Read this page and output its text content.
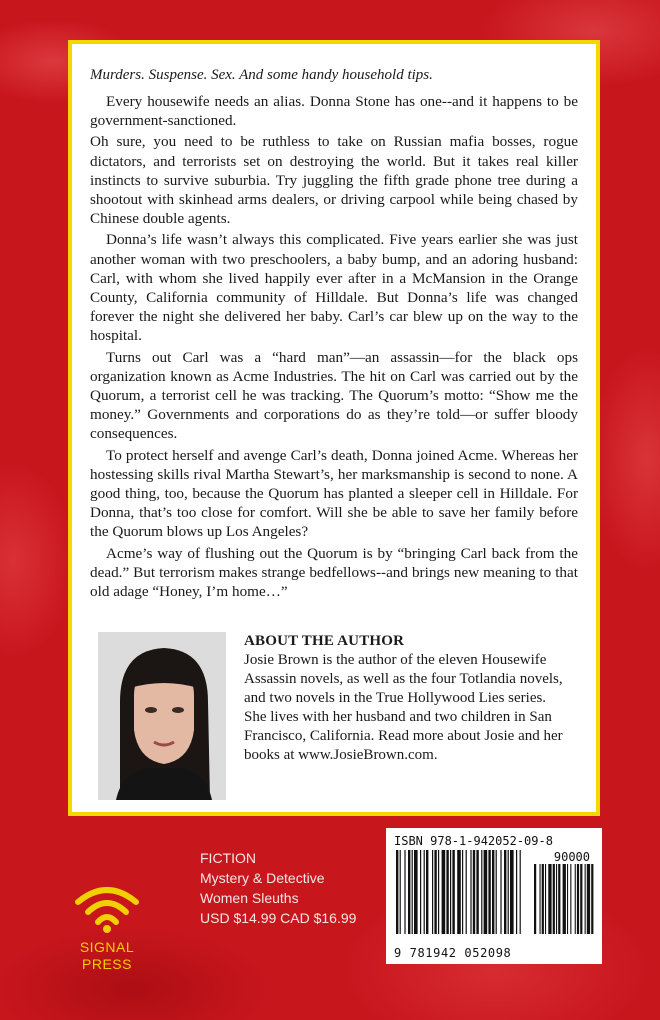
Murders. Suspense. Sex. And some handy household tips.

Every housewife needs an alias. Donna Stone has one--and it happens to be government-sanctioned.

Oh sure, you need to be ruthless to take on Russian mafia bosses, rogue dictators, and terrorists set on destroying the world. But it takes real killer instincts to survive suburbia. Try juggling the fifth grade phone tree during a shootout with skinhead arms dealers, or driving carpool while being chased by Chinese double agents.

Donna’s life wasn’t always this complicated. Five years earlier she was just another woman with two preschoolers, a baby bump, and an adoring husband: Carl, with whom she lived happily ever after in a McMansion in the Orange County, California community of Hilldale. But Donna’s life was changed forever the night she delivered her baby. Carl’s car blew up on the way to the hospital.

Turns out Carl was a “hard man”—an assassin—for the black ops organization known as Acme Industries. The hit on Carl was carried out by the Quorum, a terrorist cell he was tracking. The Quorum’s motto: “Show me the money.” Governments and corporations do as they’re told—or suffer bloody consequences.

To protect herself and avenge Carl’s death, Donna joined Acme. Whereas her hostessing skills rival Martha Stewart’s, her marksmanship is second to none. A good thing, too, because the Quorum has planted a sleeper cell in Hilldale. For Donna, that’s too close for comfort. Will she be able to save her family before the Quorum blows up Los Angeles?

Acme’s way of flushing out the Quorum is by “bringing Carl back from the dead.” But terrorism makes strange bedfellows--and brings new meaning to that old adage “Honey, I’m home…”

ABOUT THE AUTHOR

Josie Brown is the author of the eleven Housewife Assassin novels, as well as the four Totlandia novels, and two novels in the True Hollywood Lies series.

She lives with her husband and two children in San Francisco, California. Read more about Josie and her books at www.JosieBrown.com.

FICTION
Mystery & Detective
Women Sleuths
USD $14.99 CAD $16.99
SIGNAL
PRESS
ISBN 978-1-942052-09-8
90000
9 781942 052098
